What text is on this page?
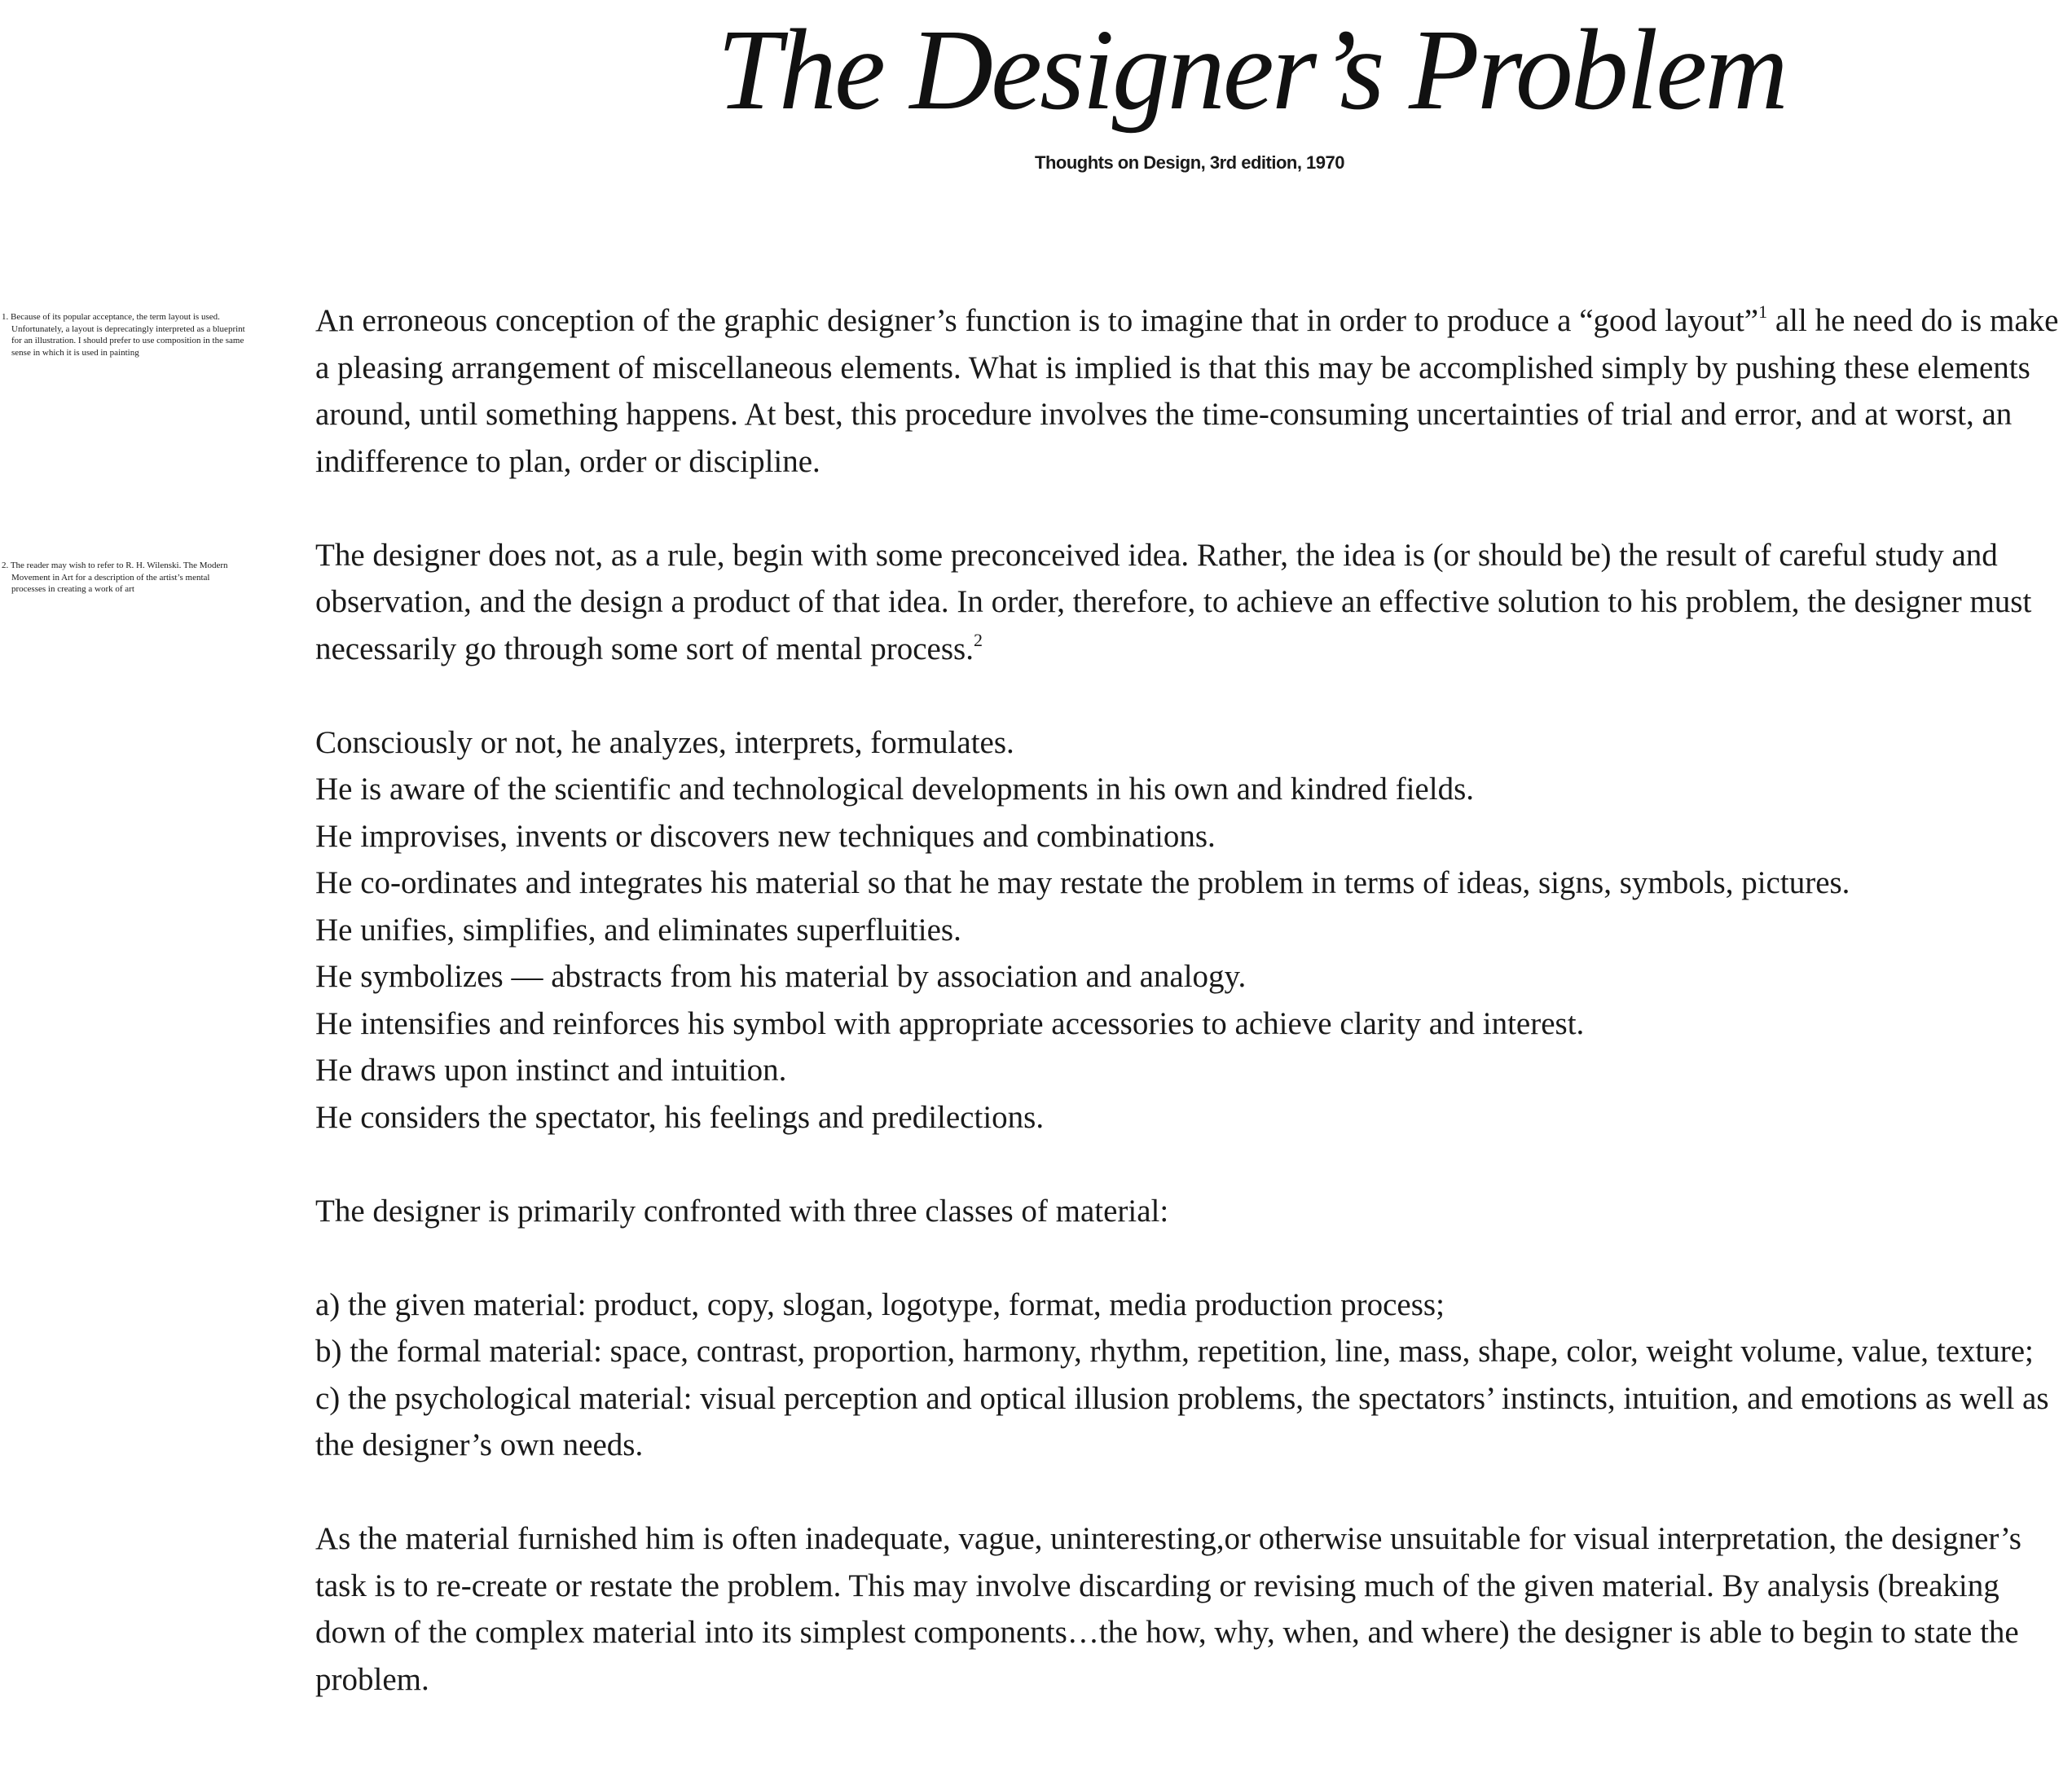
The Designer’s Problem
Thoughts on Design, 3rd edition, 1970
1. Because of its popular acceptance, the term layout is used. Unfortunately, a layout is deprecatingly interpreted as a blueprint for an illustration. I should prefer to use composition in the same sense in which it is used in painting
2. The reader may wish to refer to R. H. Wilenski. The Modern Movement in Art for a description of the artist’s mental processes in creating a work of art

An erroneous conception of the graphic designer’s function is to imagine that in order to produce a “good layout”$^1$ all he need do is make a pleasing arrangement of miscellaneous elements. What is implied is that this may be accomplished simply by pushing these elements around, until something happens. At best, this procedure involves the time-consuming uncertainties of trial and error, and at worst, an indifference to plan, order or discipline.

The designer does not, as a rule, begin with some preconceived idea. Rather, the idea is (or should be) the result of careful study and observation, and the design a product of that idea. In order, therefore, to achieve an effective solution to his problem, the designer must necessarily go through some sort of mental process.$^2$

Consciously or not, he analyzes, interprets, formulates.
He is aware of the scientific and technological developments in his own and kindred fields.
He improvises, invents or discovers new techniques and combinations.
He co-ordinates and integrates his material so that he may restate the problem in terms of ideas, signs, symbols, pictures.
He unifies, simplifies, and eliminates superfluities.
He symbolizes — abstracts from his material by association and analogy.
He intensifies and reinforces his symbol with appropriate accessories to achieve clarity and interest.
He draws upon instinct and intuition.
He considers the spectator, his feelings and predilections.

The designer is primarily confronted with three classes of material:

a) the given material: product, copy, slogan, logotype, format, media production process;
b) the formal material: space, contrast, proportion, harmony, rhythm, repetition, line, mass, shape, color, weight volume, value, texture;
c) the psychological material: visual perception and optical illusion problems, the spectators’ instincts, intuition, and emotions as well as the designer’s own needs.

As the material furnished him is often inadequate, vague, uninteresting,or otherwise unsuitable for visual interpretation, the designer’s task is to re-create or restate the problem. This may involve discarding or revising much of the given material. By analysis (breaking down of the complex material into its simplest components…the how, why, when, and where) the designer is able to begin to state the problem.
